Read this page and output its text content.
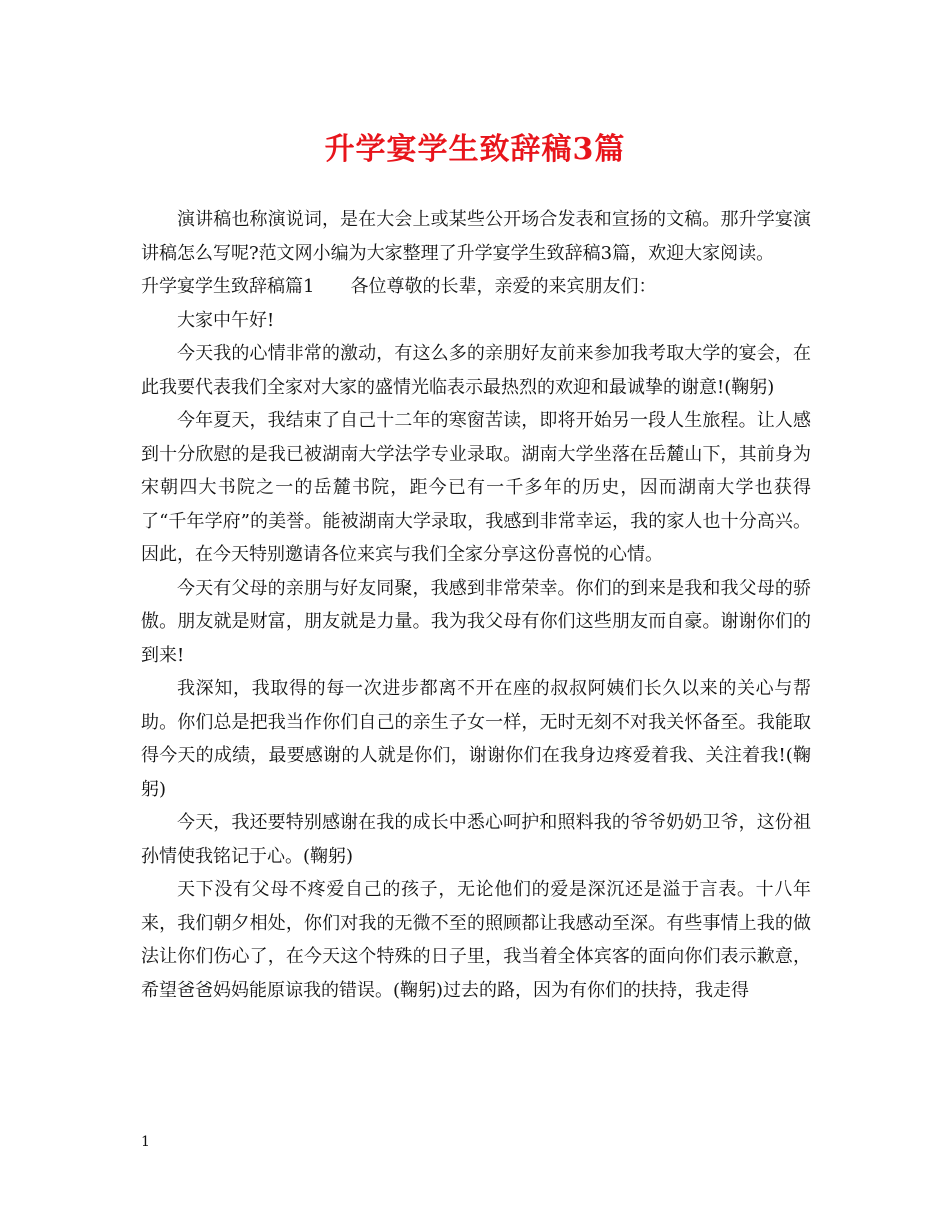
升学宴学生致辞稿3篇

演讲稿也称演说词，是在大会上或某些公开场合发表和宣扬的文稿。那升学宴演讲稿怎么写呢?范文网小编为大家整理了升学宴学生致辞稿3篇，欢迎大家阅读。

升学宴学生致辞稿篇1 各位尊敬的长辈，亲爱的来宾朋友们：

大家中午好!

今天我的心情非常的激动，有这么多的亲朋好友前来参加我考取大学的宴会，在此我要代表我们全家对大家的盛情光临表示最热烈的欢迎和最诚挚的谢意!(鞠躬)

今年夏天，我结束了自己十二年的寒窗苦读，即将开始另一段人生旅程。让人感到十分欣慰的是我已被湖南大学法学专业录取。湖南大学坐落在岳麓山下，其前身为宋朝四大书院之一的岳麓书院，距今已有一千多年的历史，因而湖南大学也获得了“千年学府”的美誉。能被湖南大学录取，我感到非常幸运，我的家人也十分高兴。因此，在今天特别邀请各位来宾与我们全家分享这份喜悦的心情。

今天有父母的亲朋与好友同聚，我感到非常荣幸。你们的到来是我和我父母的骄傲。朋友就是财富，朋友就是力量。我为我父母有你们这些朋友而自豪。谢谢你们的到来!

我深知，我取得的每一次进步都离不开在座的叔叔阿姨们长久以来的关心与帮助。你们总是把我当作你们自己的亲生子女一样，无时无刻不对我关怀备至。我能取得今天的成绩，最要感谢的人就是你们，谢谢你们在我身边疼爱着我、关注着我!(鞠躬)

今天，我还要特别感谢在我的成长中悉心呵护和照料我的爷爷奶奶卫爷，这份祖孙情使我铭记于心。(鞠躬)

天下没有父母不疼爱自己的孩子，无论他们的爱是深沉还是溢于言表。十八年来，我们朝夕相处，你们对我的无微不至的照顾都让我感动至深。有些事情上我的做法让你们伤心了，在今天这个特殊的日子里，我当着全体宾客的面向你们表示歉意，希望爸爸妈妈能原谅我的错误。(鞠躬)过去的路，因为有你们的扶持，我走得

1
